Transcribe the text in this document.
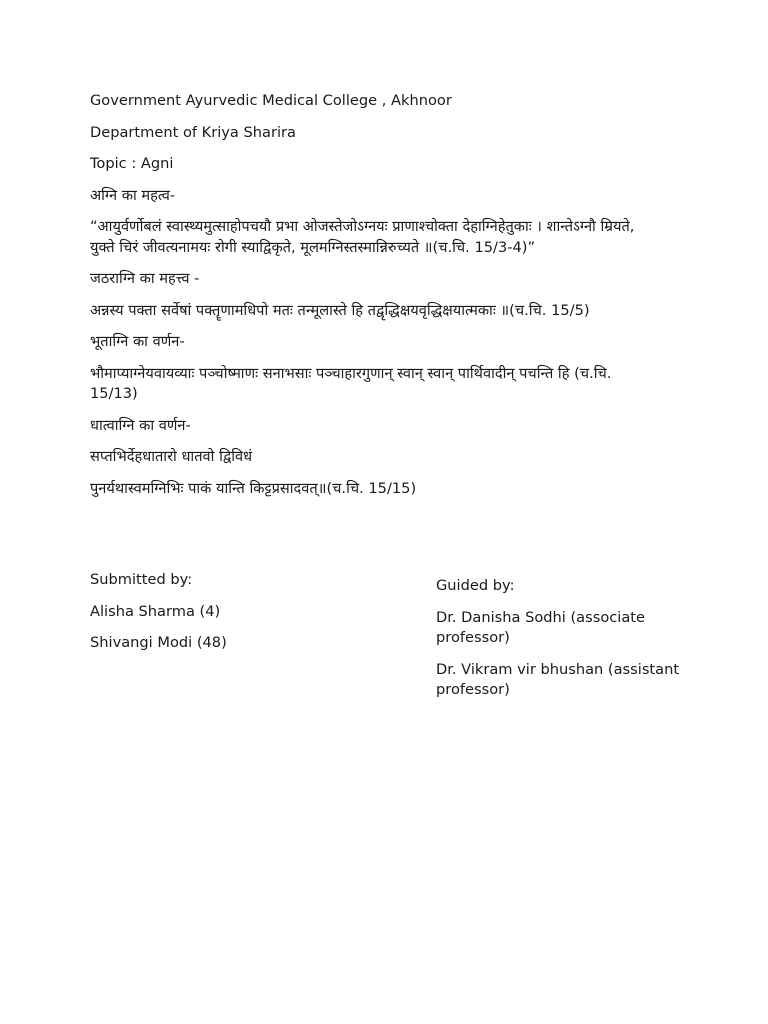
Government Ayurvedic Medical College , Akhnoor

Department of Kriya Sharira

Topic : Agni

अग्नि का महत्व-

“आयुर्वर्णोबलं स्वास्थ्यमुत्साहोपचयौ प्रभा ओजस्तेजोऽग्नयः प्राणाश्चोक्ता देहाग्निहेतुकाः । शान्तेऽग्नौ म्रियते, युक्ते चिरं जीवत्यनामयः रोगी स्याद्विकृते, मूलमग्निस्तस्मान्निरुच्यते ॥(च.चि. 15/3-4)”

जठराग्नि का महत्त्व -

अन्नस्य पक्ता सर्वेषां पक्तॄणामधिपो मतः तन्मूलास्ते हि तद्वृद्धिक्षयवृद्धिक्षयात्मकाः ॥(च.चि. 15/5)

भूताग्नि का वर्णन-

भौमाप्याग्नेयवायव्याः पञ्चोष्माणः सनाभसाः पञ्चाहारगुणान् स्वान् स्वान् पार्थिवादीन् पचन्ति हि (च.चि. 15/13)

धात्वाग्नि का वर्णन-

सप्तभिर्देहधातारो धातवो द्विविधं

पुनर्यथास्वमग्निभिः पाकं यान्ति किट्टप्रसादवत्॥(च.चि. 15/15)

Submitted by:

Alisha Sharma (4)

Shivangi Modi (48)

Guided by:

Dr. Danisha Sodhi (associate professor)

Dr. Vikram vir bhushan (assistant professor)
